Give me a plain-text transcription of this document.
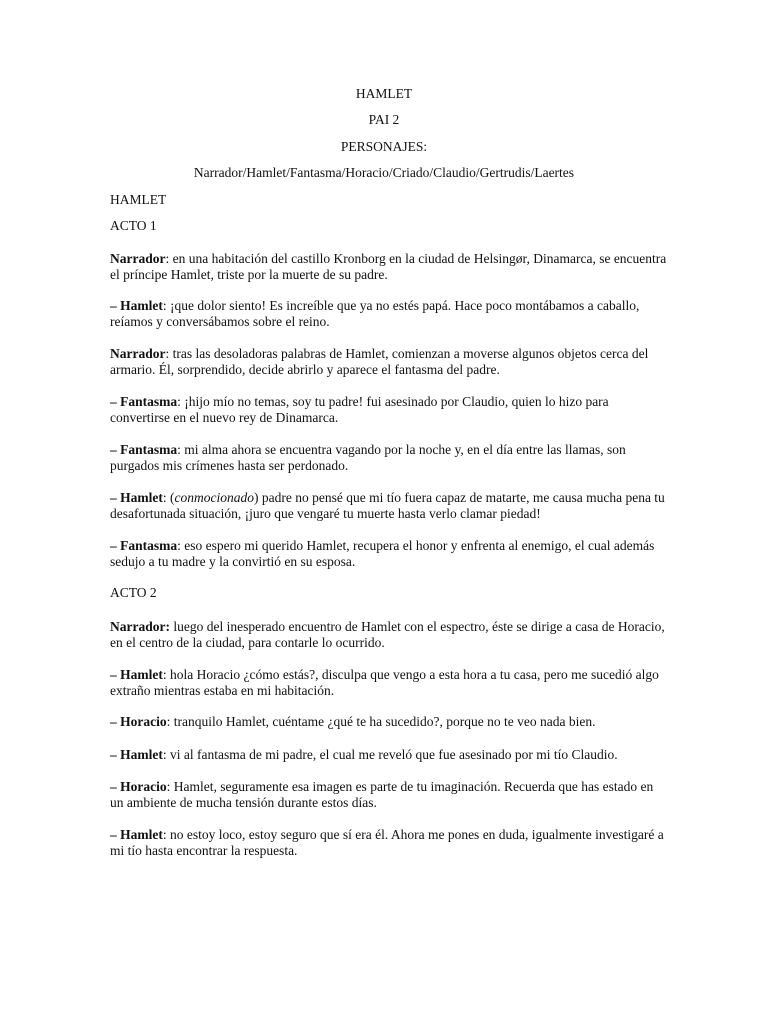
HAMLET
PAI 2
PERSONAJES:
Narrador/Hamlet/Fantasma/Horacio/Criado/Claudio/Gertrudis/Laertes
HAMLET
ACTO 1

Narrador: en una habitación del castillo Kronborg en la ciudad de Helsingør, Dinamarca, se encuentra el príncipe Hamlet, triste por la muerte de su padre.

– Hamlet: ¡que dolor siento! Es increíble que ya no estés papá. Hace poco montábamos a caballo, reíamos y conversábamos sobre el reino.

Narrador: tras las desoladoras palabras de Hamlet, comienzan a moverse algunos objetos cerca del armario. Él, sorprendido, decide abrirlo y aparece el fantasma del padre.

– Fantasma: ¡hijo mío no temas, soy tu padre! fui asesinado por Claudio, quien lo hizo para convertirse en el nuevo rey de Dinamarca.

– Fantasma: mi alma ahora se encuentra vagando por la noche y, en el día entre las llamas, son purgados mis crímenes hasta ser perdonado.

– Hamlet: (conmocionado) padre no pensé que mi tío fuera capaz de matarte, me causa mucha pena tu desafortunada situación, ¡juro que vengaré tu muerte hasta verlo clamar piedad!

– Fantasma: eso espero mi querido Hamlet, recupera el honor y enfrenta al enemigo, el cual además sedujo a tu madre y la convirtió en su esposa.

ACTO 2

Narrador: luego del inesperado encuentro de Hamlet con el espectro, éste se dirige a casa de Horacio, en el centro de la ciudad, para contarle lo ocurrido.

– Hamlet: hola Horacio ¿cómo estás?, disculpa que vengo a esta hora a tu casa, pero me sucedió algo extraño mientras estaba en mi habitación.

– Horacio: tranquilo Hamlet, cuéntame ¿qué te ha sucedido?, porque no te veo nada bien.

– Hamlet: vi al fantasma de mi padre, el cual me reveló que fue asesinado por mi tío Claudio.

– Horacio: Hamlet, seguramente esa imagen es parte de tu imaginación. Recuerda que has estado en un ambiente de mucha tensión durante estos días.

– Hamlet: no estoy loco, estoy seguro que sí era él. Ahora me pones en duda, igualmente investigaré a mi tío hasta encontrar la respuesta.
